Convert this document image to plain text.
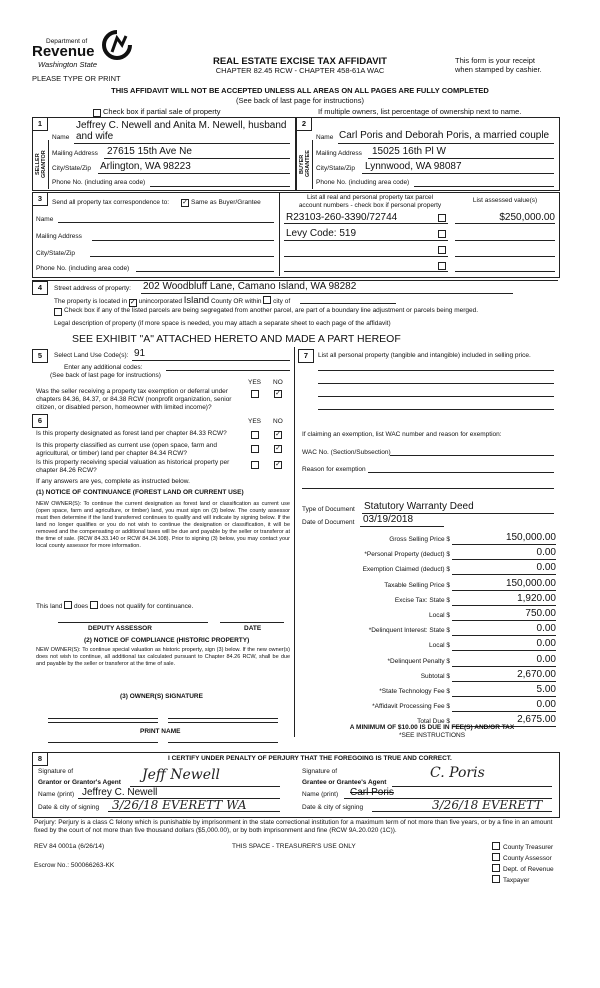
Department of
Revenue
Washington State
PLEASE TYPE OR PRINT
REAL ESTATE EXCISE TAX AFFIDAVIT
CHAPTER 82.45 RCW - CHAPTER 458-61A WAC
This form is your receipt
when stamped by cashier.
THIS AFFIDAVIT WILL NOT BE ACCEPTED UNLESS ALL AREAS ON ALL PAGES ARE FULLY COMPLETED
(See back of last page for instructions)
Check box if partial sale of property	If multiple owners, list percentage of ownership next to name.
1	2
SELLER GRANTOR	BUYER GRANTEE
Jeffrey C. Newell and Anita M. Newell, husband
Name and wife
Mailing Address 27615 15th Ave Ne
City/State/Zip Arlington, WA 98223
Phone No. (including area code)
Name Carl Poris and Deborah Poris, a married couple
Mailing Address 15025 16th Pl W
City/State/Zip Lynnwood, WA 98087
Phone No. (including area code)
3	Send all property tax correspondence to: ✓ Same as Buyer/Grantee
List all real and personal property tax parcel
account numbers - check box if personal property
List assessed value(s)
Name
Mailing Address
City/State/Zip
Phone No. (including area code)
R23103-260-3390/72744	$250,000.00
Levy Code: 519
4	Street address of property: 202 Woodbluff Lane, Camano Island, WA 98282
The property is located in ✓ unincorporated Island County OR within city of
Check box if any of the listed parcels are being segregated from another parcel, are part of a boundary line adjustment or parcels being merged.
Legal description of property (if more space is needed, you may attach a separate sheet to each page of the affidavit)
SEE EXHIBIT "A" ATTACHED HERETO AND MADE A PART HEREOF
5	Select Land Use Code(s): 91
Enter any additional codes:
(See back of last page for instructions)
YES NO
Was the seller receiving a property tax exemption or deferral under chapters 84.36, 84.37, or 84.38 RCW (nonprofit organization, senior citizen, or disabled person, homeowner with limited income)?
✓
6	YES NO
Is this property designated as forest land per chapter 84.33 RCW?	✓
Is this property classified as current use (open space, farm and agricultural, or timber) land per chapter 84.34 RCW?
✓
Is this property receiving special valuation as historical property per chapter 84.26 RCW?
✓
If any answers are yes, complete as instructed below.
(1) NOTICE OF CONTINUANCE (FOREST LAND OR CURRENT USE)
NEW OWNER(S): To continue the current designation as forest land or classification as current use (open space, farm and agriculture, or timber) land, you must sign on (3) below. The county assessor must then determine if the land transferred continues to qualify and will indicate by signing below. If the land no longer qualifies or you do not wish to continue the designation or classification, it will be removed and the compensating or additional taxes will be due and payable by the seller or transferor at the time of sale. (RCW 84.33.140 or RCW 84.34.108). Prior to signing (3) below, you may contact your local county assessor for more information.
This land does does not qualify for continuance.
DEPUTY ASSESSOR	DATE
(2) NOTICE OF COMPLIANCE (HISTORIC PROPERTY)
NEW OWNER(S): To continue special valuation as historic property, sign (3) below. If the new owner(s) does not wish to continue, all additional tax calculated pursuant to Chapter 84.26 RCW, shall be due and payable by the seller or transferor at the time of sale.
(3) OWNER(S) SIGNATURE
PRINT NAME
7	List all personal property (tangible and intangible) included in selling price.
If claiming an exemption, list WAC number and reason for exemption:
WAC No. (Section/Subsection)
Reason for exemption
Type of Document Statutory Warranty Deed
Date of Document 03/19/2018
Gross Selling Price $	150,000.00
*Personal Property (deduct) $	0.00
Exemption Claimed (deduct) $	0.00
Taxable Selling Price $	150,000.00
Excise Tax: State $	1,920.00
Local $	750.00
*Delinquent Interest: State $	0.00
Local $	0.00
*Delinquent Penalty $	0.00
Subtotal $	2,670.00
*State Technology Fee $	5.00
*Affidavit Processing Fee $	0.00
Total Due $	2,675.00
A MINIMUM OF $10.00 IS DUE IN FEE(S) AND/OR TAX
*SEE INSTRUCTIONS
8	I CERTIFY UNDER PENALTY OF PERJURY THAT THE FOREGOING IS TRUE AND CORRECT.
Signature of
Grantor or Grantor's Agent Jeff Newell
Name (print) Jeffrey C. Newell
Date & city of signing 3/26/18 EVERETT WA
Signature of
Grantee or Grantee's Agent
C. Poris
Name (print) Carl Poris
Date & city of signing	3/26/18 EVERETT
Perjury: Perjury is a class C felony which is punishable by imprisonment in the state correctional institution for a maximum term of not more than five years, or by a fine in an amount fixed by the court of not more than five thousand dollars ($5,000.00), or by both imprisonment and fine (RCW 9A.20.020 (1C)).
REV 84 0001a (6/26/14)	THIS SPACE - TREASURER'S USE ONLY
Escrow No.: 500066263-KK
County Treasurer
County Assessor
Dept. of Revenue
Taxpayer
